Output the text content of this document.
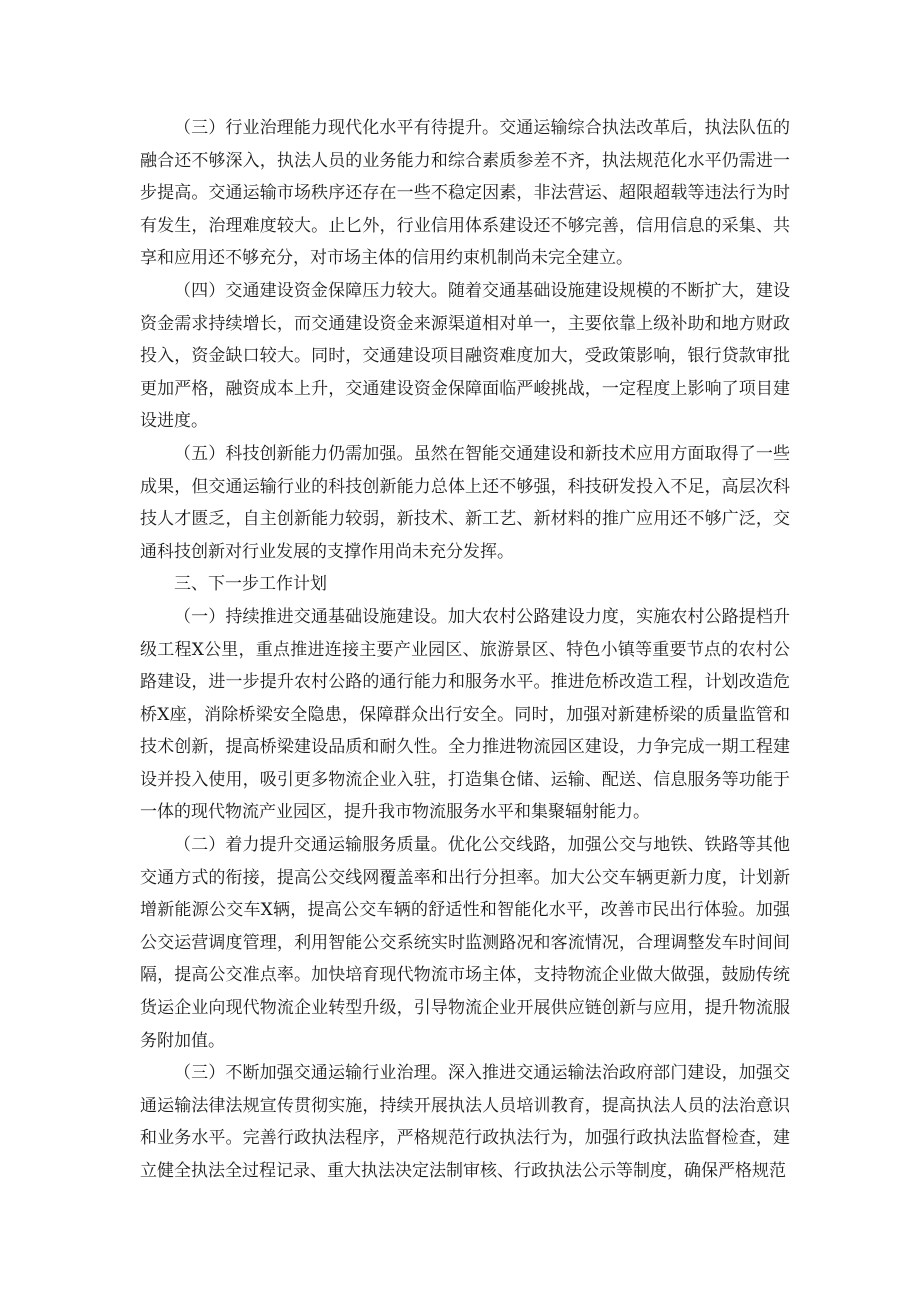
（三）行业治理能力现代化水平有待提升。交通运输综合执法改革后，执法队伍的融合还不够深入，执法人员的业务能力和综合素质参差不齐，执法规范化水平仍需进一步提高。交通运输市场秩序还存在一些不稳定因素，非法营运、超限超载等违法行为时有发生，治理难度较大。止匕外，行业信用体系建设还不够完善，信用信息的采集、共享和应用还不够充分，对市场主体的信用约束机制尚未完全建立。

（四）交通建设资金保障压力较大。随着交通基础设施建设规模的不断扩大，建设资金需求持续增长，而交通建设资金来源渠道相对单一，主要依靠上级补助和地方财政投入，资金缺口较大。同时，交通建设项目融资难度加大，受政策影响，银行贷款审批更加严格，融资成本上升，交通建设资金保障面临严峻挑战，一定程度上影响了项目建设进度。

（五）科技创新能力仍需加强。虽然在智能交通建设和新技术应用方面取得了一些成果，但交通运输行业的科技创新能力总体上还不够强，科技研发投入不足，高层次科技人才匮乏，自主创新能力较弱，新技术、新工艺、新材料的推广应用还不够广泛，交通科技创新对行业发展的支撑作用尚未充分发挥。

三、下一步工作计划

（一）持续推进交通基础设施建设。加大农村公路建设力度，实施农村公路提档升级工程X公里，重点推进连接主要产业园区、旅游景区、特色小镇等重要节点的农村公路建设，进一步提升农村公路的通行能力和服务水平。推进危桥改造工程，计划改造危桥X座，消除桥梁安全隐患，保障群众出行安全。同时，加强对新建桥梁的质量监管和技术创新，提高桥梁建设品质和耐久性。全力推进物流园区建设，力争完成一期工程建设并投入使用，吸引更多物流企业入驻，打造集仓储、运输、配送、信息服务等功能于一体的现代物流产业园区，提升我市物流服务水平和集聚辐射能力。

（二）着力提升交通运输服务质量。优化公交线路，加强公交与地铁、铁路等其他交通方式的衔接，提高公交线网覆盖率和出行分担率。加大公交车辆更新力度，计划新增新能源公交车X辆，提高公交车辆的舒适性和智能化水平，改善市民出行体验。加强公交运营调度管理，利用智能公交系统实时监测路况和客流情况，合理调整发车时间间隔，提高公交准点率。加快培育现代物流市场主体，支持物流企业做大做强，鼓励传统货运企业向现代物流企业转型升级，引导物流企业开展供应链创新与应用，提升物流服务附加值。

（三）不断加强交通运输行业治理。深入推进交通运输法治政府部门建设，加强交通运输法律法规宣传贯彻实施，持续开展执法人员培训教育，提高执法人员的法治意识和业务水平。完善行政执法程序，严格规范行政执法行为，加强行政执法监督检查，建立健全执法全过程记录、重大执法决定法制审核、行政执法公示等制度，确保严格规范
